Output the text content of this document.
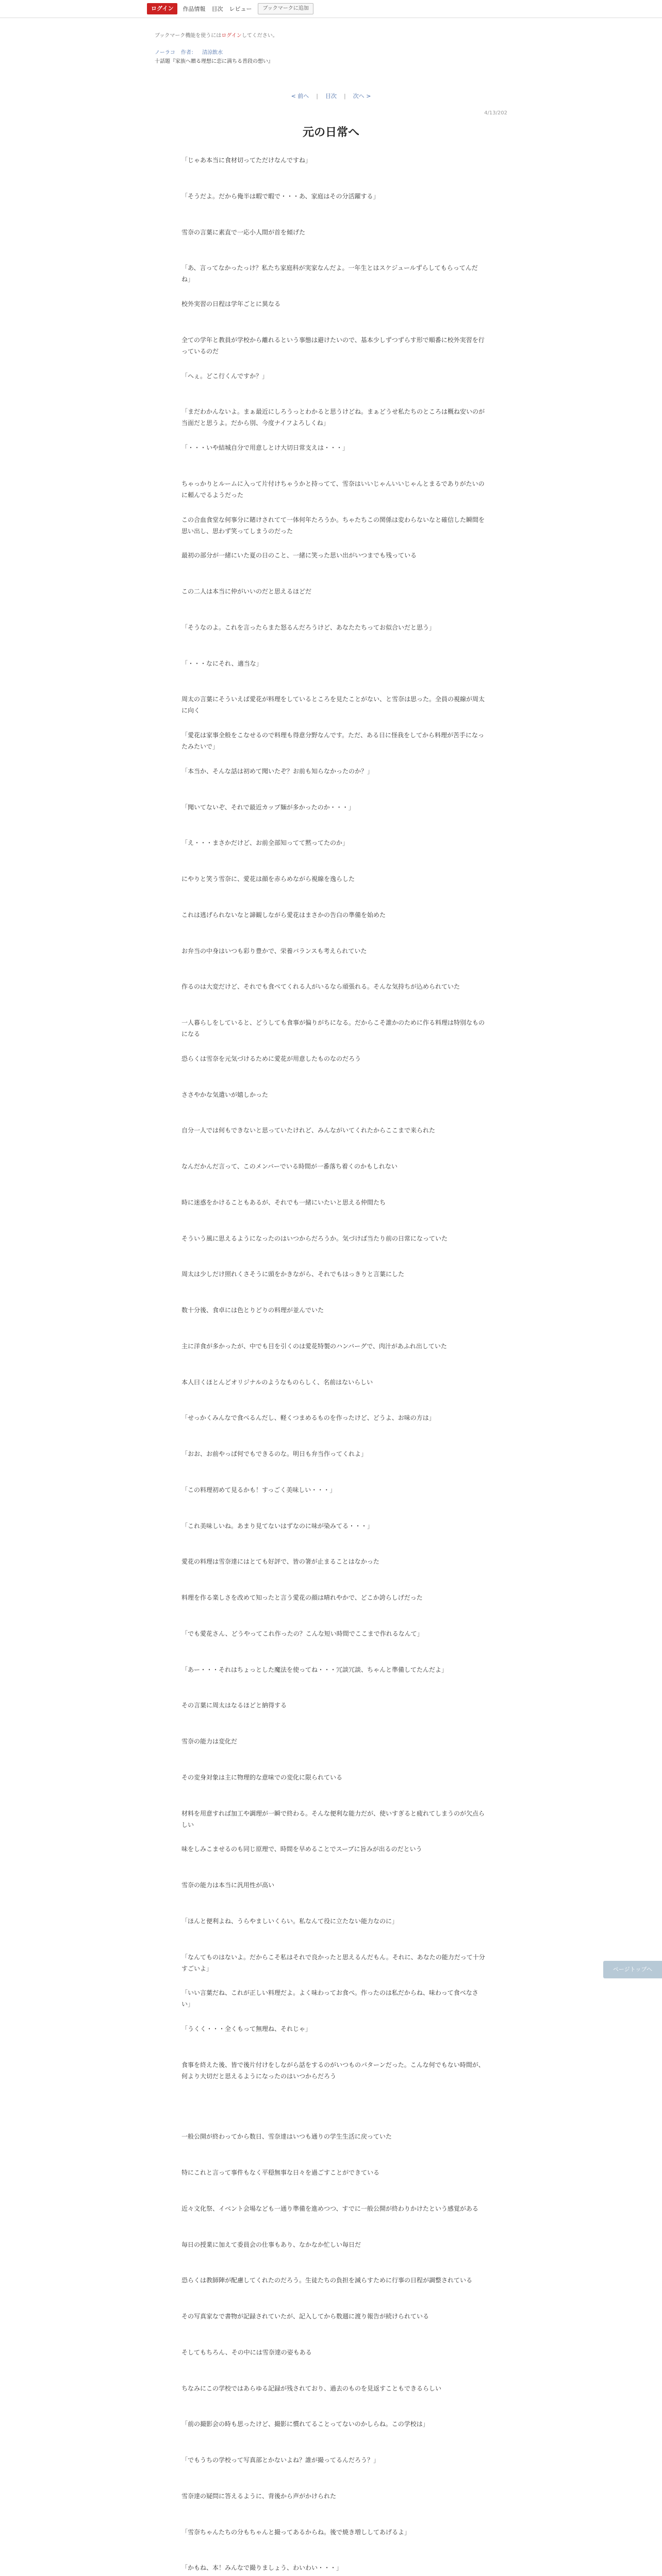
ログイン	作品情報 目次 レビュー	ブックマークに追加
ブックマーク機能を使うにはログインしてください。
ノーラコ 作者： 清涼飲水
十話題『家族へ贈る理想に恋に満ちる普段の想い』
< 前へ | 目次 | 次へ >
4/13/202
元の日常へ
「じゃあ本当に食材切ってただけなんですね」
「そうだよ。だから俺半は暇で暇で・・・あ、家庭はその分活躍する」
雪奈の言葉に素直で一応小人間が首を傾げた
「あ、言ってなかったっけ？私たち家庭科が実家なんだよ。一年生とはスケジュールずらしてもらってんだね」
校外実習の日程は学年ごとに異なる
全ての学年と教員が学校から離れるという事態は避けたいので、基本少しずつずらす形で順番に校外実習を行っているのだ
「へぇ。どこ行くんですか？」
「まだわかんないよ。まぁ最近にしろうっとわかると思うけどね。まぁどうせ私たちのところは概ね安いのが当面だと思うよ。だから別、今度ナイフよろしくね」
「・・・いや結城自分で用意しとけ大切日常支えは・・・」
ちゃっかりとルームに入って片付けちゃうかと持ってて、雪奈はいいじゃんいいじゃんとまるでありがたいのに頼んでるようだった
この合血食堂な何事分に賭けされてて一体何年たろうか。ちゃたちこの関係は変わらないなと確信した瞬間を思い出し、思わず笑ってしまうのだった
最初の部分が一緒にいた夏の日のこと、一緒に笑った思い出がいつまでも残っている
この二人は本当に仲がいいのだと思えるほどだ
「そうなのよ。これを言ったらまた怒るんだろうけど、あなたたちってお似合いだと思う」
「・・・なにそれ、適当な」
周太の言葉にそういえば愛花が料理をしているところを見たことがない、と雪奈は思った。全員の視線が周太に向く
「愛花は家事全般をこなせるので料理も得意分野なんです。ただ、ある日に怪我をしてから料理が苦手になったみたいで」
「本当か、そんな話は初めて聞いたぞ？お前も知らなかったのか？」
「聞いてないぞ、それで最近カップ麺が多かったのか・・・」
「え・・・まさかだけど、お前全部知ってて黙ってたのか」
にやりと笑う雪奈に、愛花は顔を赤らめながら視線を逸らした
これは逃げられないなと諦観しながら愛花はまさかの告白の準備を始めた
お弁当の中身はいつも彩り豊かで、栄養バランスも考えられていた
作るのは大変だけど、それでも食べてくれる人がいるなら頑張れる。そんな気持ちが込められていた
一人暮らしをしていると、どうしても食事が偏りがちになる。だからこそ誰かのために作る料理は特別なものになる
恐らくは雪奈を元気づけるために愛花が用意したものなのだろう
ささやかな気遣いが嬉しかった
自分一人では何もできないと思っていたけれど、みんながいてくれたからここまで来られた
なんだかんだ言って、このメンバーでいる時間が一番落ち着くのかもしれない
時に迷惑をかけることもあるが、それでも一緒にいたいと思える仲間たち
そういう風に思えるようになったのはいつからだろうか。気づけば当たり前の日常になっていた
周太は少しだけ照れくさそうに頭をかきながら、それでもはっきりと言葉にした
数十分後、食卓には色とりどりの料理が並んでいた
主に洋食が多かったが、中でも目を引くのは愛花特製のハンバーグで、肉汁があふれ出していた
本人曰くほとんどオリジナルのようなものらしく、名前はないらしい
「せっかくみんなで食べるんだし、軽くつまめるものを作ったけど、どうよ、お味の方は」
「おお、お前やっぱ何でもできるのな。明日も弁当作ってくれよ」
「この料理初めて見るかも！すっごく美味しい・・・」
「これ美味しいね。あまり見てないはずなのに味が染みてる・・・」
愛花の料理は雪奈達にはとても好評で、皆の箸が止まることはなかった
料理を作る楽しさを改めて知ったと言う愛花の顔は晴れやかで、どこか誇らしげだった
「でも愛花さん、どうやってこれ作ったの？こんな短い時間でここまで作れるなんて」
「あー・・・それはちょっとした魔法を使ってね・・・冗談冗談、ちゃんと準備してたんだよ」
その言葉に周太はなるほどと納得する
雪奈の能力は変化だ
その変身対象は主に物理的な意味での変化に限られている
材料を用意すれば加工や調理が一瞬で終わる。そんな便利な能力だが、使いすぎると疲れてしまうのが欠点らしい
味をしみこませるのも同じ原理で、時間を早めることでスープに旨みが出るのだという
雪奈の能力は本当に汎用性が高い
「ほんと便利よね、うらやましいくらい。私なんて役に立たない能力なのに」
「なんてものはないよ。だからこそ私はそれで良かったと思えるんだもん。それに、あなたの能力だって十分すごいよ」
「いい言葉だね、これが正しい料理だよ。よく味わってお食べ。作ったのは私だからね、味わって食べなさい」
「うくく・・・全くもって無理ね、それじゃ」
食事を終えた後、皆で後片付けをしながら話をするのがいつものパターンだった。こんな何でもない時間が、何より大切だと思えるようになったのはいつからだろう
一般公開が終わってから数日、雪奈達はいつも通りの学生生活に戻っていた
特にこれと言って事件もなく平穏無事な日々を過ごすことができている
近々文化祭、イベント会場なども一通り準備を進めつつ、すでに一般公開が終わりかけたという感覚がある
毎日の授業に加えて委員会の仕事もあり、なかなか忙しい毎日だ
恐らくは教師陣が配慮してくれたのだろう。生徒たちの負担を減らすために行事の日程が調整されている
その写真家なで書物が記録されていたが、記入してから数週に渡り報告が続けられている
そしてもちろん、その中には雪奈達の姿もある
ちなみにこの学校ではあらゆる記録が残されており、過去のものを見返すこともできるらしい
「前の撮影会の時も思ったけど、撮影に慣れてることってないのかしらね。この学校は」
「でもうちの学校って写真部とかないよね？誰が撮ってるんだろう？」
雪奈達の疑問に答えるように、背後から声がかけられた
「雪奈ちゃんたちの分もちゃんと撮ってあるからね。後で焼き増ししてあげるよ」
「かもね、本！みんなで撮りましょう、わいわい・・・」
ページトップへ
